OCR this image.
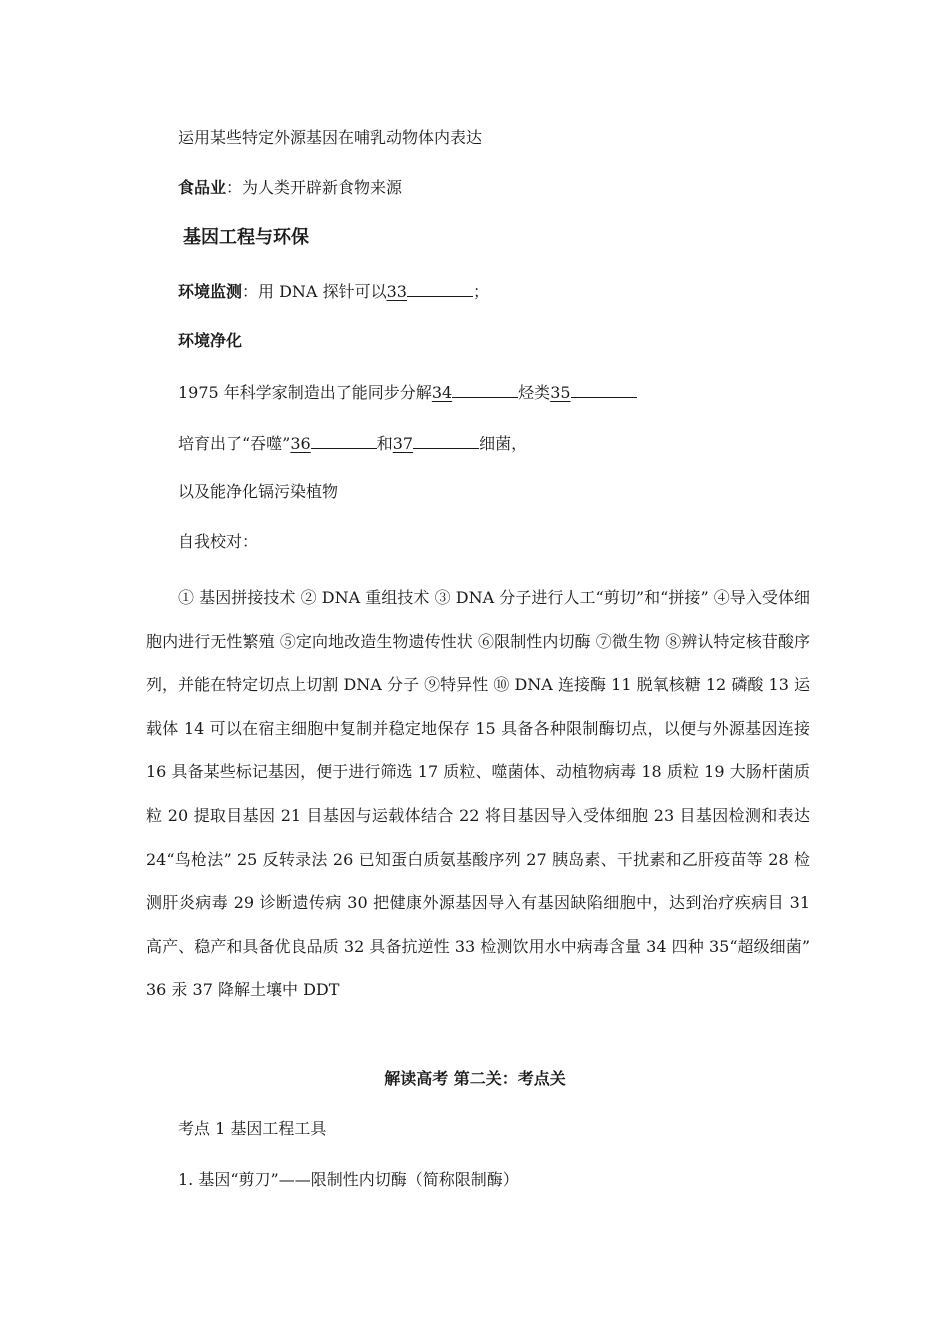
运用某些特定外源基因在哺乳动物体内表达
食品业：为人类开辟新食物来源
基因工程与环保
环境监测：用 DNA 探针可以33	；
环境净化
1975 年科学家制造出了能同步分解34	烃类35
培育出了“吞噬”36	和37	细菌，
以及能净化镉污染植物
自我校对：
① 基因拼接技术 ② DNA 重组技术 ③ DNA 分子进行人工“剪切”和“拼接” ④导入受体细胞内进行无性繁殖 ⑤定向地改造生物遗传性状 ⑥限制性内切酶 ⑦微生物 ⑧辨认特定核苷酸序列，并能在特定切点上切割 DNA 分子 ⑨特异性 ⑩ DNA 连接酶 11 脱氧核糖 12 磷酸 13 运载体 14 可以在宿主细胞中复制并稳定地保存 15 具备各种限制酶切点，以便与外源基因连接 16 具备某些标记基因，便于进行筛选 17 质粒、噬菌体、动植物病毒 18 质粒 19 大肠杆菌质粒 20 提取目基因 21 目基因与运载体结合 22 将目基因导入受体细胞 23 目基因检测和表达 24“鸟枪法” 25 反转录法 26 已知蛋白质氨基酸序列 27 胰岛素、干扰素和乙肝疫苗等 28 检测肝炎病毒 29 诊断遗传病 30 把健康外源基因导入有基因缺陷细胞中，达到治疗疾病目 31 高产、稳产和具备优良品质 32 具备抗逆性 33 检测饮用水中病毒含量 34 四种 35“超级细菌” 36 汞 37 降解土壤中 DDT
解读高考 第二关：考点关
考点 1 基因工程工具
1. 基因“剪刀”——限制性内切酶（简称限制酶）
